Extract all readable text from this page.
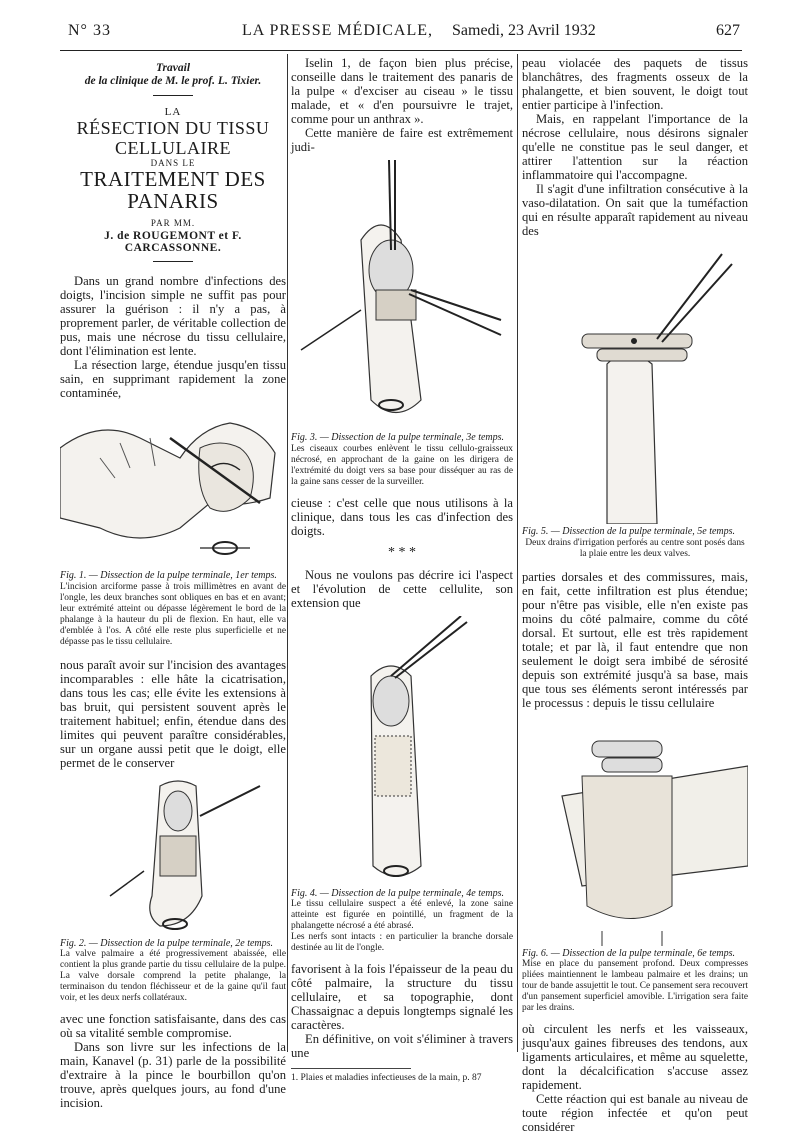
N° 33	LA PRESSE MÉDICALE, Samedi, 23 Avril 1932	627
Travail
de la clinique de M. le prof. L. Tixier.
LA
RÉSECTION DU TISSU CELLULAIRE
DANS LE
TRAITEMENT DES PANARIS
PAR MM.
J. de ROUGEMONT et F. CARCASSONNE.

Dans un grand nombre d'infections des doigts, l'incision simple ne suffit pas pour assurer la guérison : il n'y a pas, à proprement parler, de véritable collection de pus, mais une nécrose du tissu cellulaire, dont l'élimination est lente.

La résection large, étendue jusqu'en tissu sain, en supprimant rapidement la zone contaminée,

Fig. 1. — Dissection de la pulpe terminale, 1er temps.

L'incision arciforme passe à trois millimètres en avant de l'ongle, les deux branches sont obliques en bas et en avant; leur extrémité atteint ou dépasse légèrement le bord de la phalange à la hauteur du pli de flexion. En haut, elle va d'emblée à l'os. A côté elle reste plus superficielle et ne dépasse pas le tissu cellulaire.

nous paraît avoir sur l'incision des avantages incomparables : elle hâte la cicatrisation, dans tous les cas; elle évite les extensions à bas bruit, qui persistent souvent après le traitement habituel; enfin, étendue dans des limites qui peuvent paraître considérables, sur un organe aussi petit que le doigt, elle permet de le conserver

Fig. 2. — Dissection de la pulpe terminale, 2e temps.

La valve palmaire a été progressivement abaissée, elle contient la plus grande partie du tissu cellulaire de la pulpe. La valve dorsale comprend la petite phalange, la terminaison du tendon fléchisseur et de la gaine qu'il faut voir, et les deux nerfs collatéraux.

avec une fonction satisfaisante, dans des cas où sa vitalité semble compromise.

Dans son livre sur les infections de la main, Kanavel (p. 31) parle de la possibilité d'extraire à la pince le bourbillon qu'on trouve, après quelques jours, au fond d'une incision.

Iselin 1, de façon bien plus précise, conseille dans le traitement des panaris de la pulpe « d'exciser au ciseau » le tissu malade, et « d'en poursuivre le trajet, comme pour un anthrax ».

Cette manière de faire est extrêmement judi-

Fig. 3. — Dissection de la pulpe terminale, 3e temps.

Les ciseaux courbes enlèvent le tissu cellulo-graisseux nécrosé, en approchant de la gaine on les dirigera de l'extrémité du doigt vers sa base pour disséquer au ras de la gaine sans cesser de la surveiller.

cieuse : c'est celle que nous utilisons à la clinique, dans tous les cas d'infection des doigts.

* * *

Nous ne voulons pas décrire ici l'aspect et l'évolution de cette cellulite, son extension que

Fig. 4. — Dissection de la pulpe terminale, 4e temps.

Le tissu cellulaire suspect a été enlevé, la zone saine atteinte est figurée en pointillé, un fragment de la phalangette nécrosé a été abrasé.

Les nerfs sont intacts : en particulier la branche dorsale destinée au lit de l'ongle.

favorisent à la fois l'épaisseur de la peau du côté palmaire, la structure du tissu cellulaire, et sa topographie, dont Chassaignac a depuis longtemps signalé les caractères.

En définitive, on voit s'éliminer à travers une

1. Plaies et maladies infectieuses de la main, p. 87

peau violacée des paquets de tissus blanchâtres, des fragments osseux de la phalangette, et bien souvent, le doigt tout entier participe à l'infection.

Mais, en rappelant l'importance de la nécrose cellulaire, nous désirons signaler qu'elle ne constitue pas le seul danger, et attirer l'attention sur la réaction inflammatoire qui l'accompagne.

Il s'agit d'une infiltration consécutive à la vaso-dilatation. On sait que la tuméfaction qui en résulte apparaît rapidement au niveau des

Fig. 5. — Dissection de la pulpe terminale, 5e temps.

Deux drains d'irrigation perforés au centre sont posés dans la plaie entre les deux valves.

parties dorsales et des commissures, mais, en fait, cette infiltration est plus étendue; pour n'être pas visible, elle n'en existe pas moins du côté palmaire, comme du côté dorsal. Et surtout, elle est très rapidement totale; et par là, il faut entendre que non seulement le doigt sera imbibé de sérosité depuis son extrémité jusqu'à sa base, mais que tous ses éléments seront intéressés par le processus : depuis le tissu cellulaire

Fig. 6. — Dissection de la pulpe terminale, 6e temps.

Mise en place du pansement profond. Deux compresses pliées maintiennent le lambeau palmaire et les drains; un tour de bande assujettit le tout. Ce pansement sera recouvert d'un pansement superficiel amovible. L'irrigation sera faite par les drains.

où circulent les nerfs et les vaisseaux, jusqu'aux gaines fibreuses des tendons, aux ligaments articulaires, et même au squelette, dont la décalcification s'accuse assez rapidement.

Cette réaction qui est banale au niveau de toute région infectée et qu'on peut considérer
